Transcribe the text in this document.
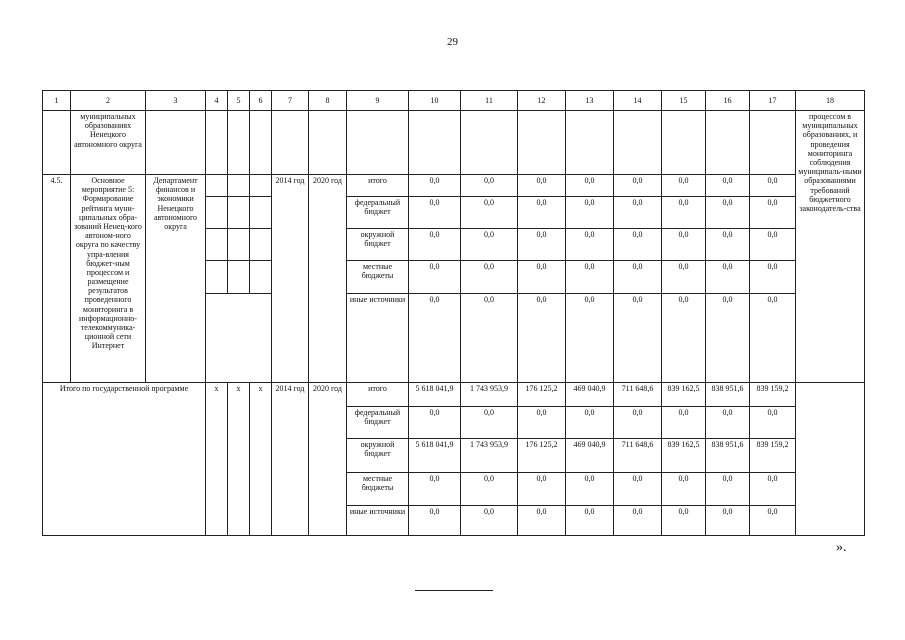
29
1	2	3	4	5	6	7	8	9	10	11	12	13	14	15	16	17	18
	муниципальных образованиях Ненецкого автономного округа																процессом в муниципальных образованиях, и проведения мониторинга соблюдения муниципаль-ными образованиями требований бюджетного законодатель-ства
4.5.	Основное мероприятие 5: Формирование рейтинга муни-ципальных обра-зований Ненец-кого автоном-ного округа по качеству упра-вления бюджет-ным процессом и размещение результатов проведенного мониторинга в информационно-телекоммуника-ционной сети Интернет	Департамент финансов и экономики Ненецкого автономного округа				2014 год	2020 год	итого	0,0	0,0	0,0	0,0	0,0	0,0	0,0	0,0	
								федеральный бюджет	0,0	0,0	0,0	0,0	0,0	0,0	0,0	0,0	
								окружной бюджет	0,0	0,0	0,0	0,0	0,0	0,0	0,0	0,0	
								местные бюджеты	0,0	0,0	0,0	0,0	0,0	0,0	0,0	0,0	
								иные источники	0,0	0,0	0,0	0,0	0,0	0,0	0,0	0,0	
Итого по государственной программе			х	х	х	2014 год	2020 год	итого	5 618 041,9	1 743 953,9	176 125,2	469 040,9	711 648,6	839 162,5	838 951,6	839 159,2	
								федеральный бюджет	0,0	0,0	0,0	0,0	0,0	0,0	0,0	0,0	
								окружной бюджет	5 618 041,9	1 743 953,9	176 125,2	469 040,9	711 648,6	839 162,5	838 951,6	839 159,2	
								местные бюджеты	0,0	0,0	0,0	0,0	0,0	0,0	0,0	0,0	
								иные источники	0,0	0,0	0,0	0,0	0,0	0,0	0,0	0,0	
».
